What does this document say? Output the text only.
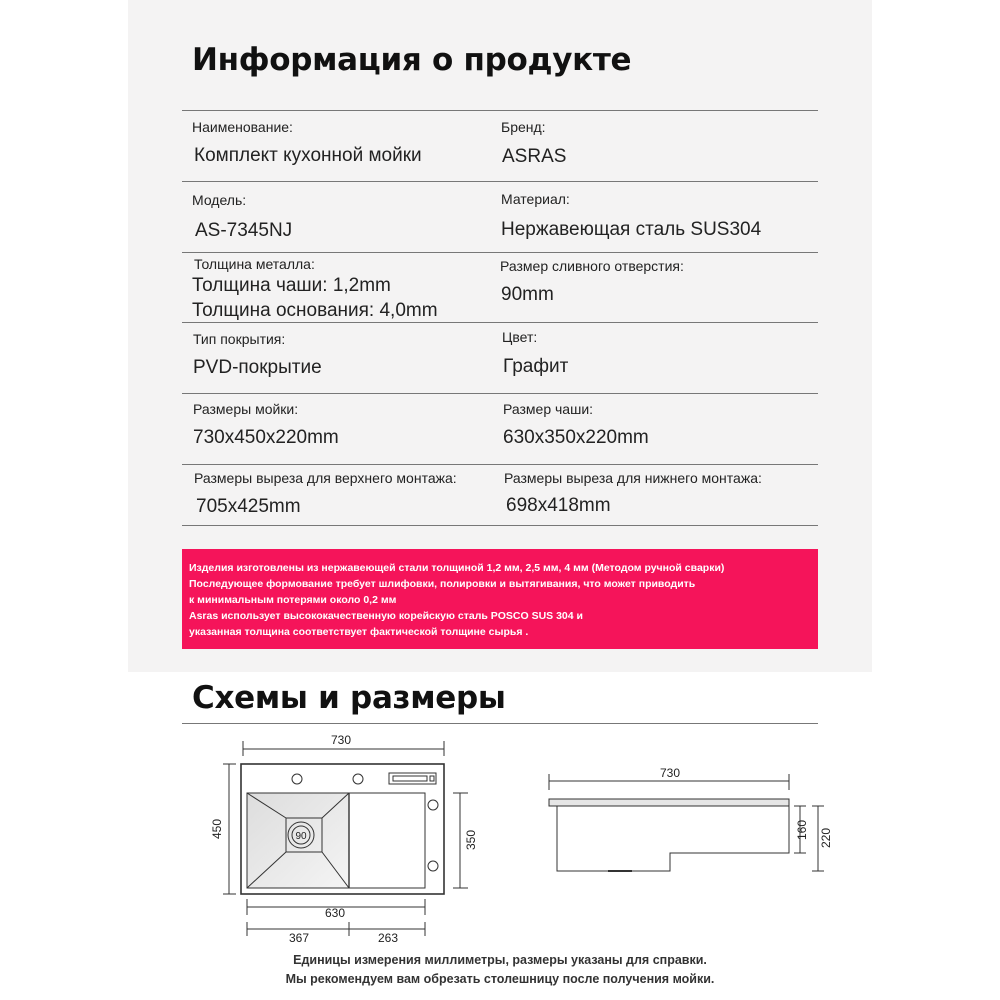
Информация о продукте
Наименование:
Комплект кухонной мойки
Бренд:
ASRAS
Модель:
AS-7345NJ
Материал:
Нержавеющая сталь SUS304
Толщина металла:
Толщина чаши: 1,2mm
Толщина основания: 4,0mm
Размер сливного отверстия:
90mm
Тип покрытия:
PVD-покрытие
Цвет:
Графит
Размеры мойки:
730x450x220mm
Размер чаши:
630x350x220mm
Размеры выреза для верхнего монтажа:
705x425mm
Размеры выреза для нижнего монтажа:
698x418mm
Изделия изготовлены из нержавеющей стали толщиной 1,2 мм, 2,5 мм, 4 мм (Методом ручной сварки)
Последующее формование требует шлифовки, полировки и вытягивания, что может приводить
к минимальным потерями около 0,2 мм
Asras использует высококачественную корейскую сталь POSCO SUS 304 и
указанная толщина соответствует фактической толщине сырья .
Схемы и размеры
730
450
350
630
367	263
90
730
160 220
Единицы измерения миллиметры, размеры указаны для справки.
Мы рекомендуем вам обрезать столешницу после получения мойки.
